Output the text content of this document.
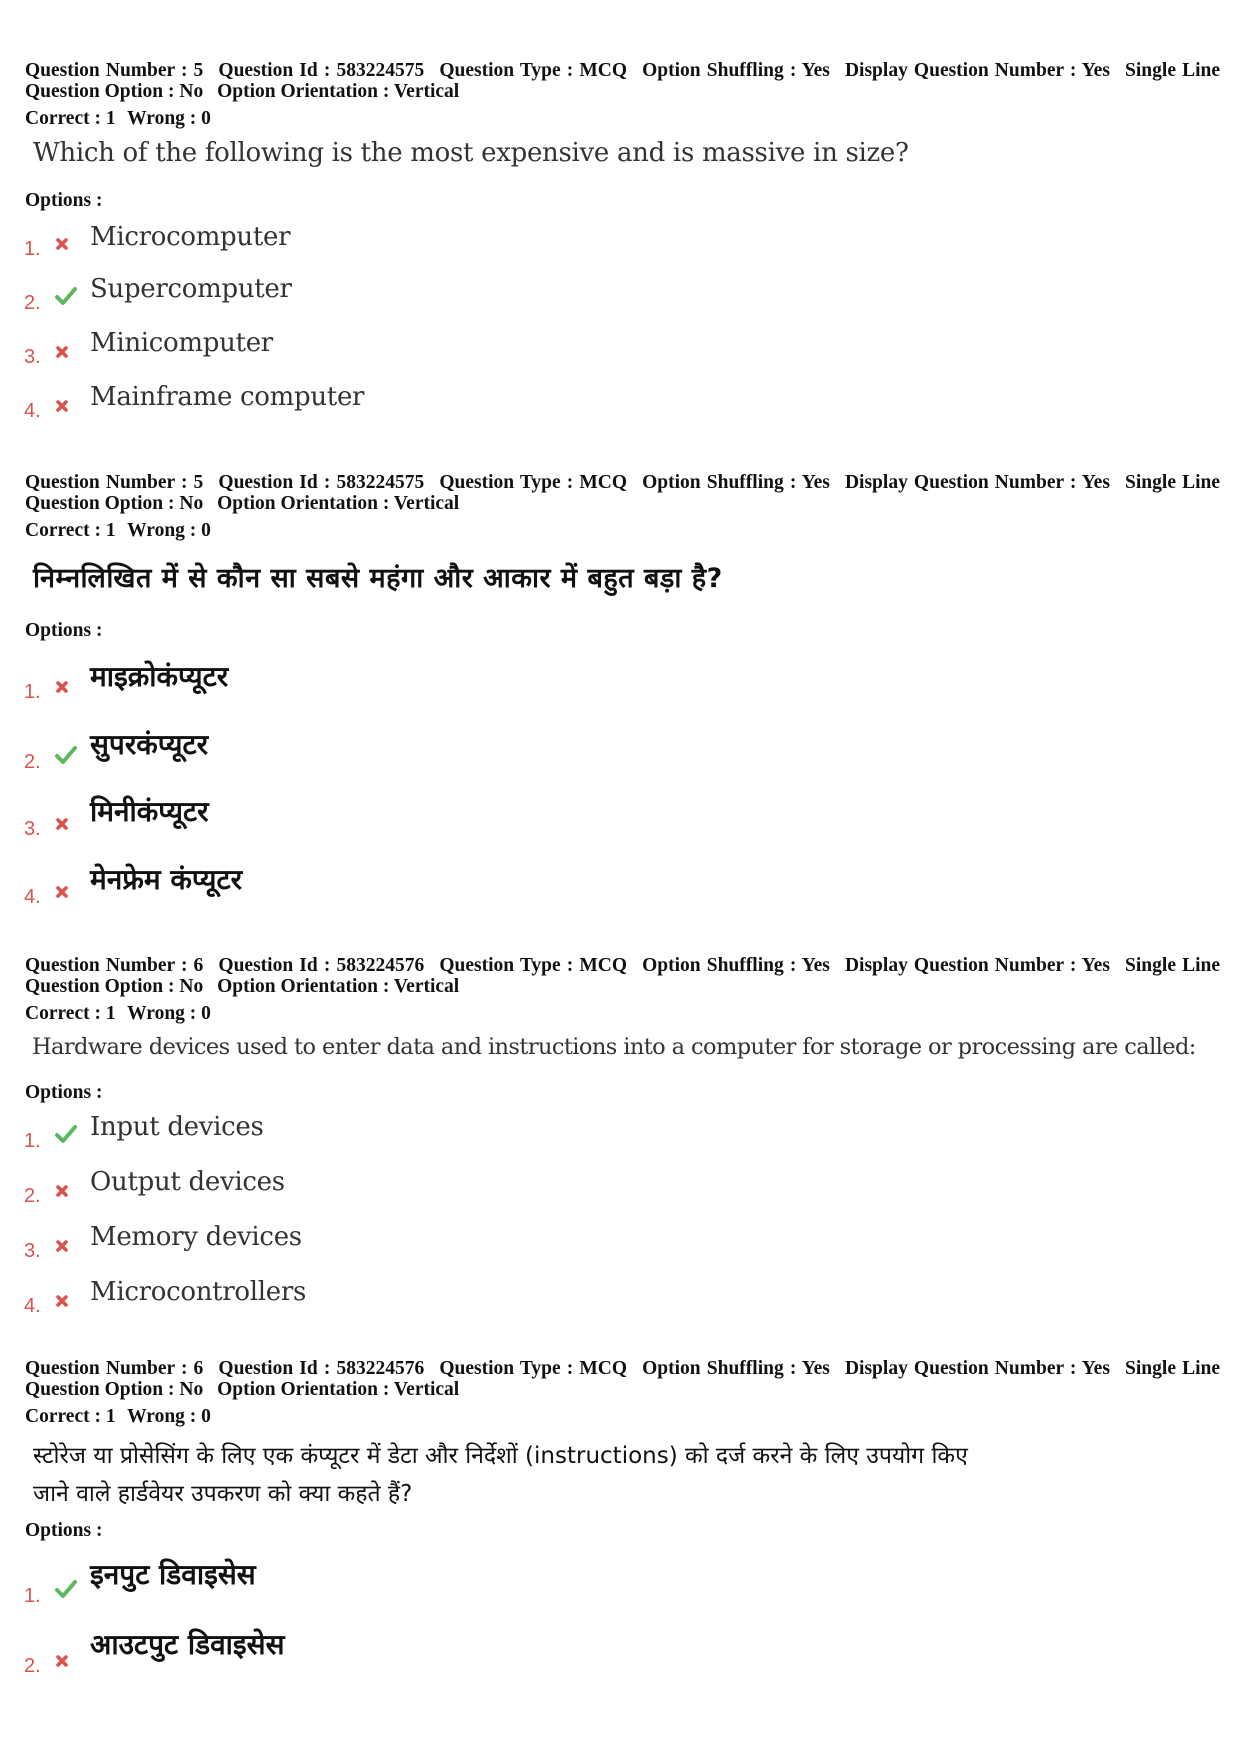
Question Number : 5 Question Id : 583224575 Question Type : MCQ Option Shuffling : Yes Display Question Number : Yes Single Line Question Option : No Option Orientation : Vertical
Correct : 1 Wrong : 0
Which of the following is the most expensive and is massive in size?
Options :
1. Microcomputer
2. Supercomputer
3. Minicomputer
4. Mainframe computer
Question Number : 5 Question Id : 583224575 Question Type : MCQ Option Shuffling : Yes Display Question Number : Yes Single Line Question Option : No Option Orientation : Vertical
Correct : 1 Wrong : 0
निम्नलिखित में से कौन सा सबसे महंगा और आकार में बहुत बड़ा है?
Options :
1. माइक्रोकंप्यूटर
2.
सुपरकंप्यूटर
3.
मिनीकंप्यूटर
4.
मेनफ्रेम कंप्यूटर
Question Number : 6 Question Id : 583224576 Question Type : MCQ Option Shuffling : Yes Display Question Number : Yes Single Line Question Option : No Option Orientation : Vertical
Correct : 1 Wrong : 0
Hardware devices used to enter data and instructions into a computer for storage or processing are called:
Options :
1. Input devices
2. Output devices
3. Memory devices
4. Microcontrollers
Question Number : 6 Question Id : 583224576 Question Type : MCQ Option Shuffling : Yes Display Question Number : Yes Single Line Question Option : No Option Orientation : Vertical
Correct : 1 Wrong : 0
स्टोरेज या प्रोसेसिंग के लिए एक कंप्यूटर में डेटा और निर्देशों (instructions) को दर्ज करने के लिए उपयोग किए
जाने वाले हार्डवेयर उपकरण को क्या कहते हैं?
Options :
1.
इनपुट डिवाइसेस
2.
आउटपुट डिवाइसेस
